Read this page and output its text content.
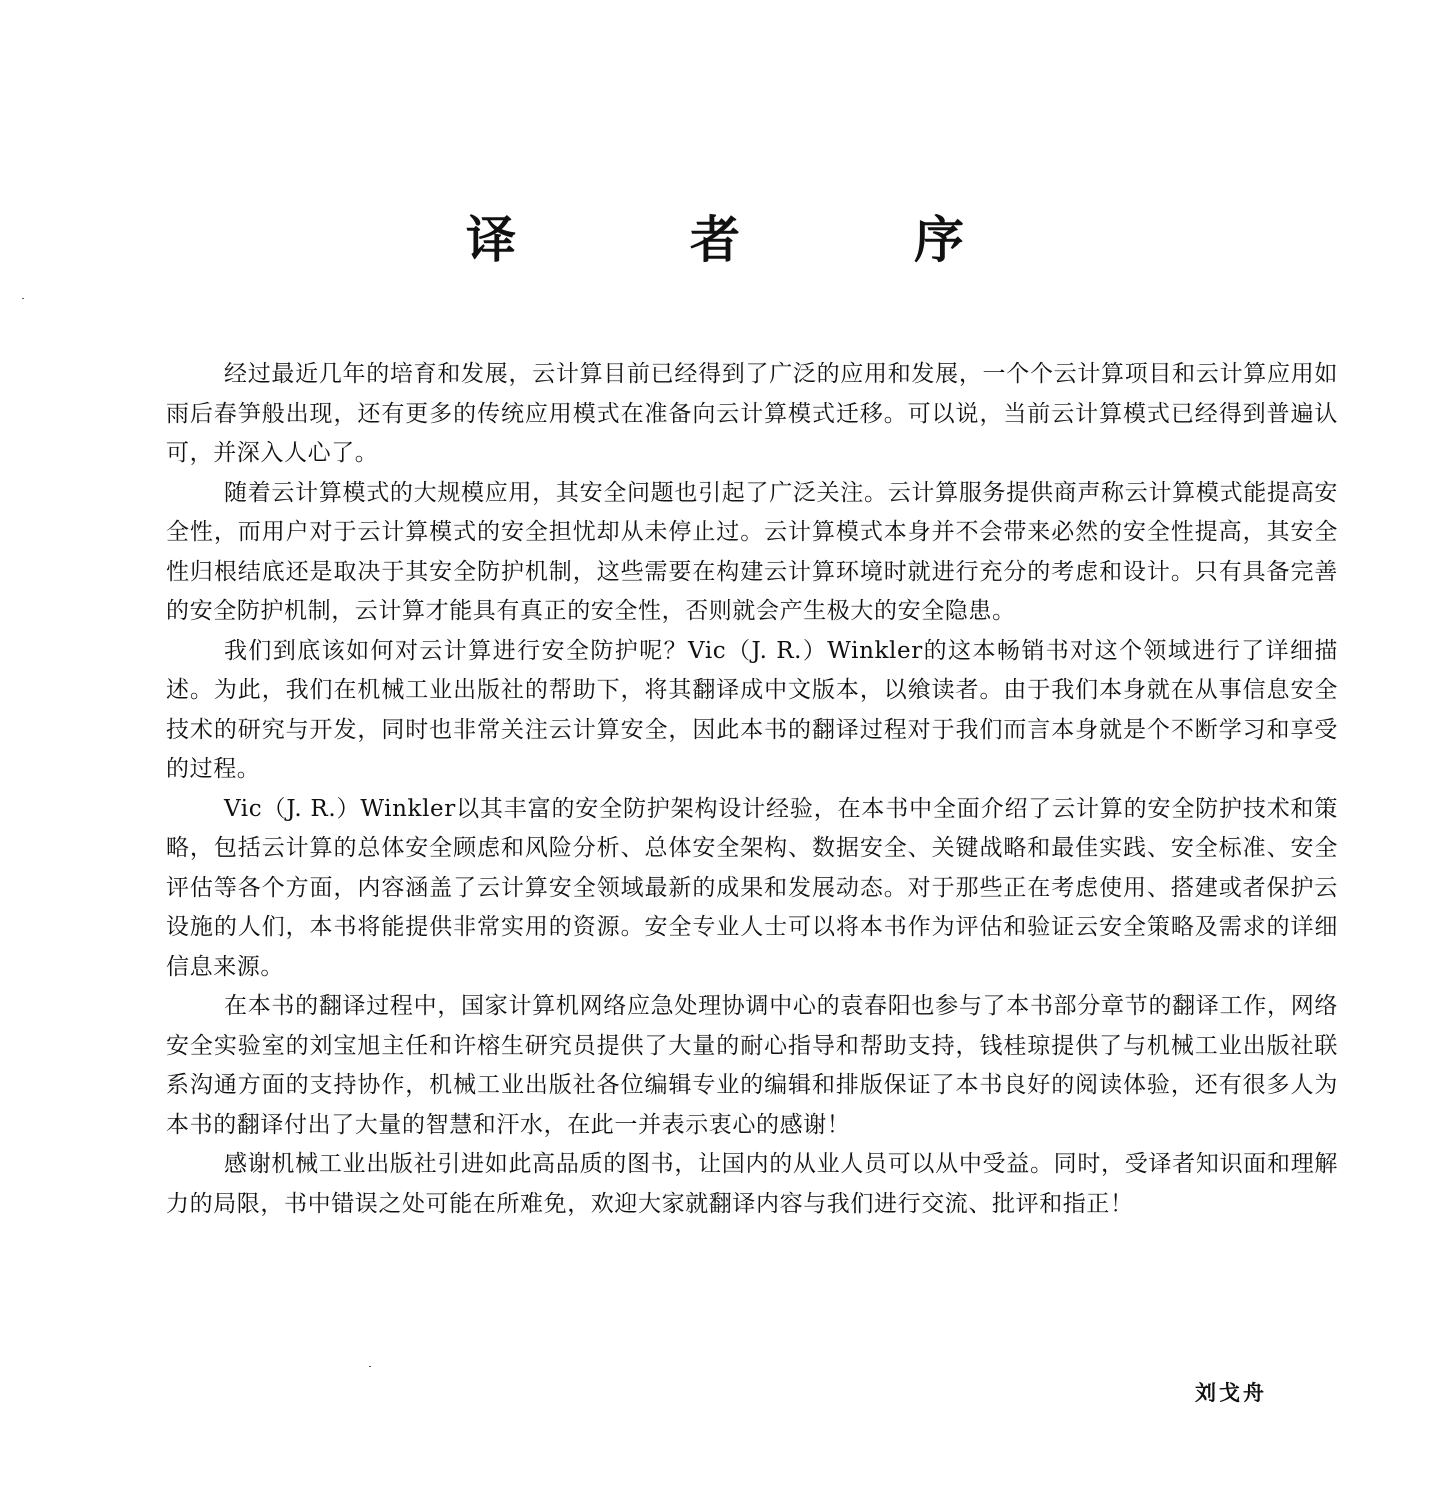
译　者　序

经过最近几年的培育和发展，云计算目前已经得到了广泛的应用和发展，一个个云计算项目和云计算应用如雨后春笋般出现，还有更多的传统应用模式在准备向云计算模式迁移。可以说，当前云计算模式已经得到普遍认可，并深入人心了。

随着云计算模式的大规模应用，其安全问题也引起了广泛关注。云计算服务提供商声称云计算模式能提高安全性，而用户对于云计算模式的安全担忧却从未停止过。云计算模式本身并不会带来必然的安全性提高，其安全性归根结底还是取决于其安全防护机制，这些需要在构建云计算环境时就进行充分的考虑和设计。只有具备完善的安全防护机制，云计算才能具有真正的安全性，否则就会产生极大的安全隐患。

我们到底该如何对云计算进行安全防护呢？Vic（J. R.）Winkler的这本畅销书对这个领域进行了详细描述。为此，我们在机械工业出版社的帮助下，将其翻译成中文版本，以飨读者。由于我们本身就在从事信息安全技术的研究与开发，同时也非常关注云计算安全，因此本书的翻译过程对于我们而言本身就是个不断学习和享受的过程。

Vic（J. R.）Winkler以其丰富的安全防护架构设计经验，在本书中全面介绍了云计算的安全防护技术和策略，包括云计算的总体安全顾虑和风险分析、总体安全架构、数据安全、关键战略和最佳实践、安全标准、安全评估等各个方面，内容涵盖了云计算安全领域最新的成果和发展动态。对于那些正在考虑使用、搭建或者保护云设施的人们，本书将能提供非常实用的资源。安全专业人士可以将本书作为评估和验证云安全策略及需求的详细信息来源。

在本书的翻译过程中，国家计算机网络应急处理协调中心的袁春阳也参与了本书部分章节的翻译工作，网络安全实验室的刘宝旭主任和许榕生研究员提供了大量的耐心指导和帮助支持，钱桂琼提供了与机械工业出版社联系沟通方面的支持协作，机械工业出版社各位编辑专业的编辑和排版保证了本书良好的阅读体验，还有很多人为本书的翻译付出了大量的智慧和汗水，在此一并表示衷心的感谢！

感谢机械工业出版社引进如此高品质的图书，让国内的从业人员可以从中受益。同时，受译者知识面和理解力的局限，书中错误之处可能在所难免，欢迎大家就翻译内容与我们进行交流、批评和指正！

刘戈舟
